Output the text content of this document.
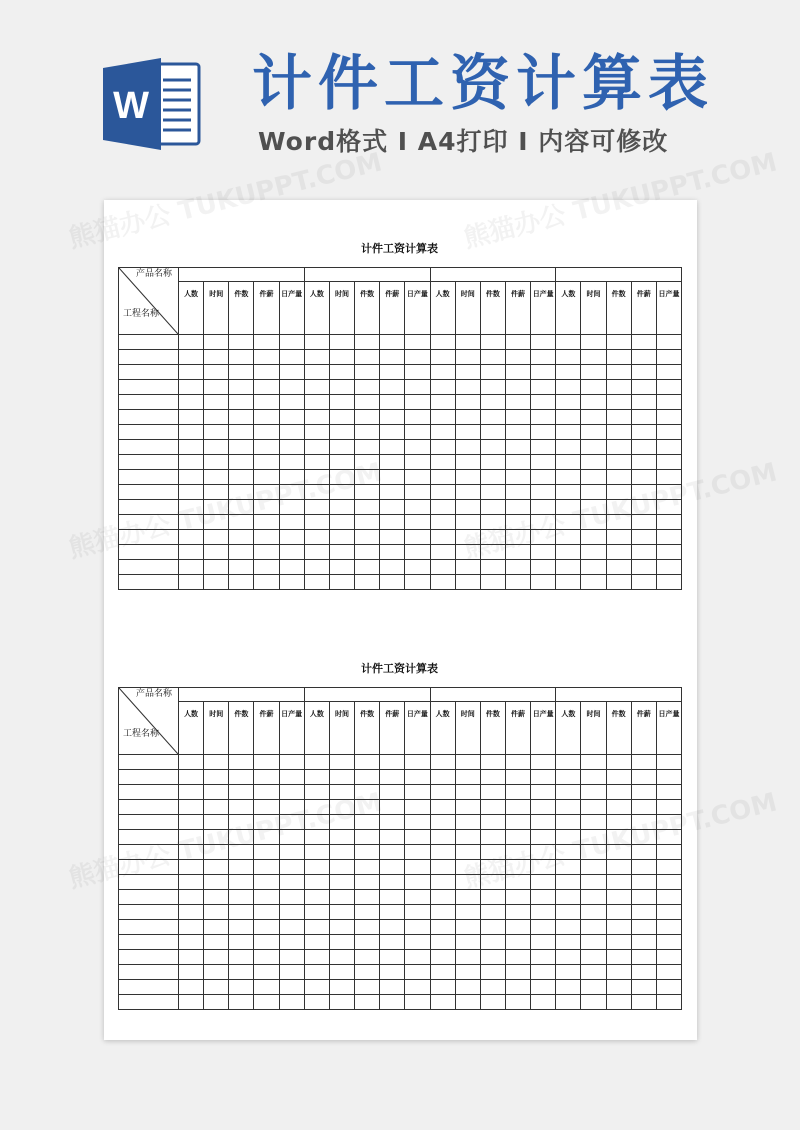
W 计件工资计算表
Word格式 I A4打印 I 内容可修改
熊猫办公 TUKUPPT.COM
熊猫办公 TUKUPPT.COM	熊猫办公 TUKUPPT.COM
熊猫办公 TUKUPPT.COM	熊猫办公 TUKUPPT.COM
熊猫办公 TUKUPPT.COM
计件工资计算表
产品名称
工程名称																				

	人数	时间	件数	件薪	日产量	人数	时间	件数	件薪	日产量	人数	时间	件数	件薪	日产量	人数	时间	件数	件薪	日产量

计件工资计算表
产品名称
工程名称																				

	人数	时间	件数	件薪	日产量	人数	时间	件数	件薪	日产量	人数	时间	件数	件薪	日产量	人数	时间	件数	件薪	日产量
